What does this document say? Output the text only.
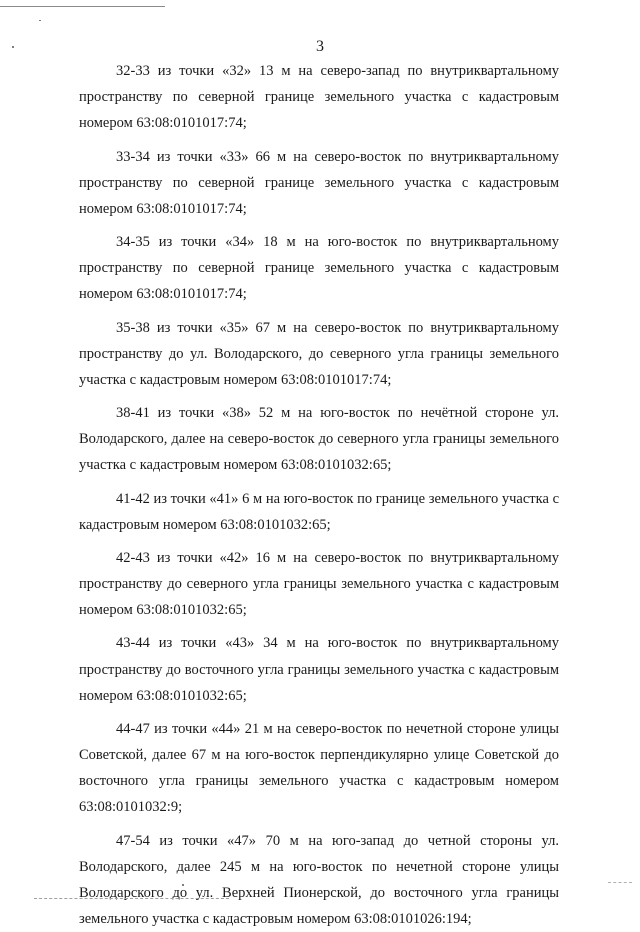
3

32-33 из точки «32» 13 м на северо-запад по внутриквартальному пространству по северной границе земельного участка с кадастровым номером 63:08:0101017:74;

33-34 из точки «33» 66 м на северо-восток по внутриквартальному пространству по северной границе земельного участка с кадастровым номером 63:08:0101017:74;

34-35 из точки «34» 18 м на юго-восток по внутриквартальному пространству по северной границе земельного участка с кадастровым номером 63:08:0101017:74;

35-38 из точки «35» 67 м на северо-восток по внутриквартальному пространству до ул. Володарского, до северного угла границы земельного участка с кадастровым номером 63:08:0101017:74;

38-41 из точки «38» 52 м на юго-восток по нечётной стороне ул. Володарского, далее на северо-восток до северного угла границы земельного участка с кадастровым номером 63:08:0101032:65;

41-42 из точки «41» 6 м на юго-восток по границе земельного участка с кадастровым номером 63:08:0101032:65;

42-43 из точки «42» 16 м на северо-восток по внутриквартальному пространству до северного угла границы земельного участка с кадастровым номером 63:08:0101032:65;

43-44 из точки «43» 34 м на юго-восток по внутриквартальному пространству до восточного угла границы земельного участка с кадастровым номером 63:08:0101032:65;

44-47 из точки «44» 21 м на северо-восток по нечетной стороне улицы Советской, далее 67 м на юго-восток перпендикулярно улице Советской до восточного угла границы земельного участка с кадастровым номером 63:08:0101032:9;

47-54 из точки «47» 70 м на юго-запад до четной стороны ул. Володарского, далее 245 м на юго-восток по нечетной стороне улицы Володарского до ул. Верхней Пионерской, до восточного угла границы земельного участка с кадастровым номером 63:08:0101026:194;
